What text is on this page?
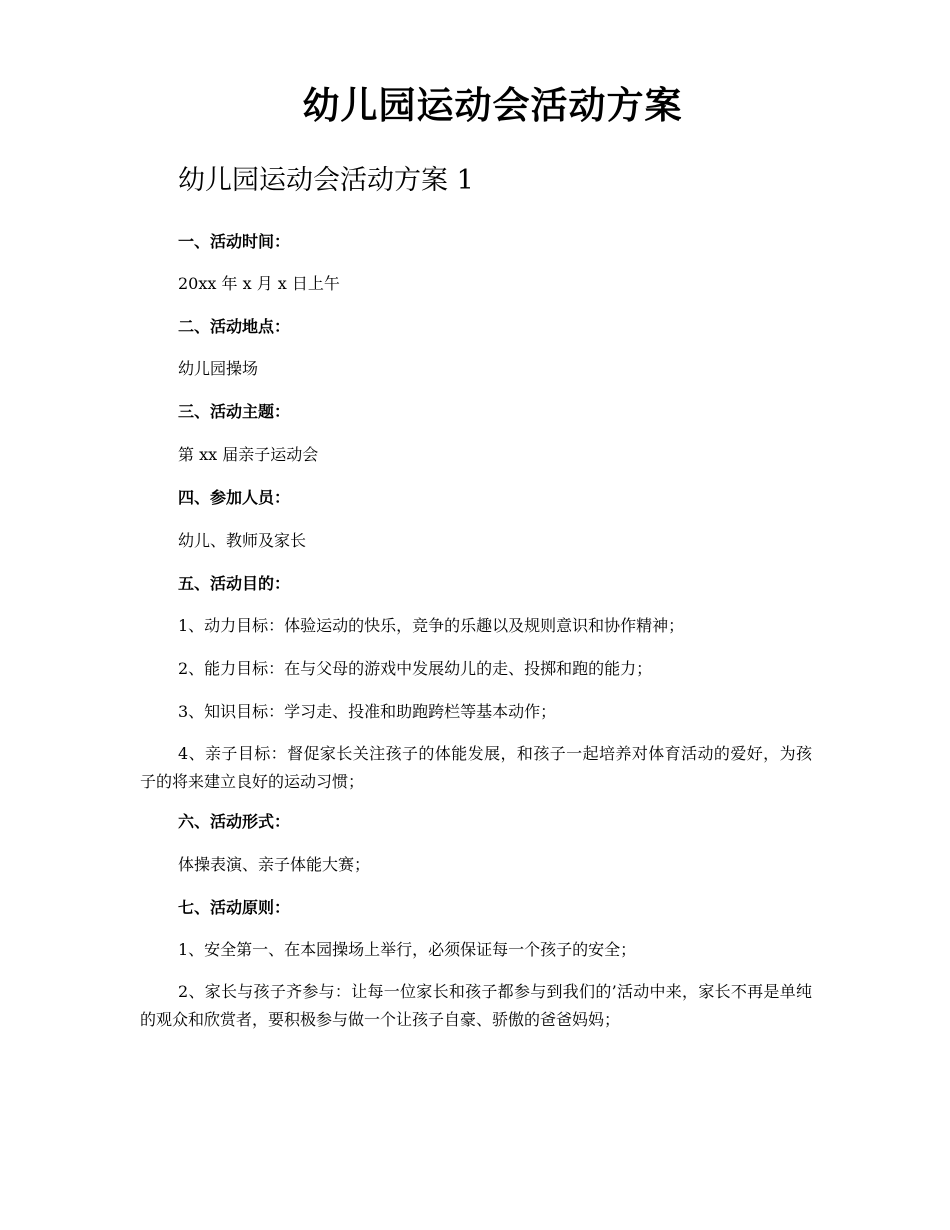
幼儿园运动会活动方案
幼儿园运动会活动方案 1

一、活动时间：

20xx 年 x 月 x 日上午

二、活动地点：

幼儿园操场

三、活动主题：

第 xx 届亲子运动会

四、参加人员：

幼儿、教师及家长

五、活动目的：

1、动力目标：体验运动的快乐，竞争的乐趣以及规则意识和协作精神；

2、能力目标：在与父母的游戏中发展幼儿的走、投掷和跑的能力；

3、知识目标：学习走、投准和助跑跨栏等基本动作；

4、亲子目标：督促家长关注孩子的体能发展，和孩子一起培养对体育活动的爱好，为孩子的将来建立良好的运动习惯；

六、活动形式：

体操表演、亲子体能大赛；

七、活动原则：

1、安全第一、在本园操场上举行，必须保证每一个孩子的安全；

2、家长与孩子齐参与：让每一位家长和孩子都参与到我们的’活动中来，家长不再是单纯的观众和欣赏者，要积极参与做一个让孩子自豪、骄傲的爸爸妈妈；
